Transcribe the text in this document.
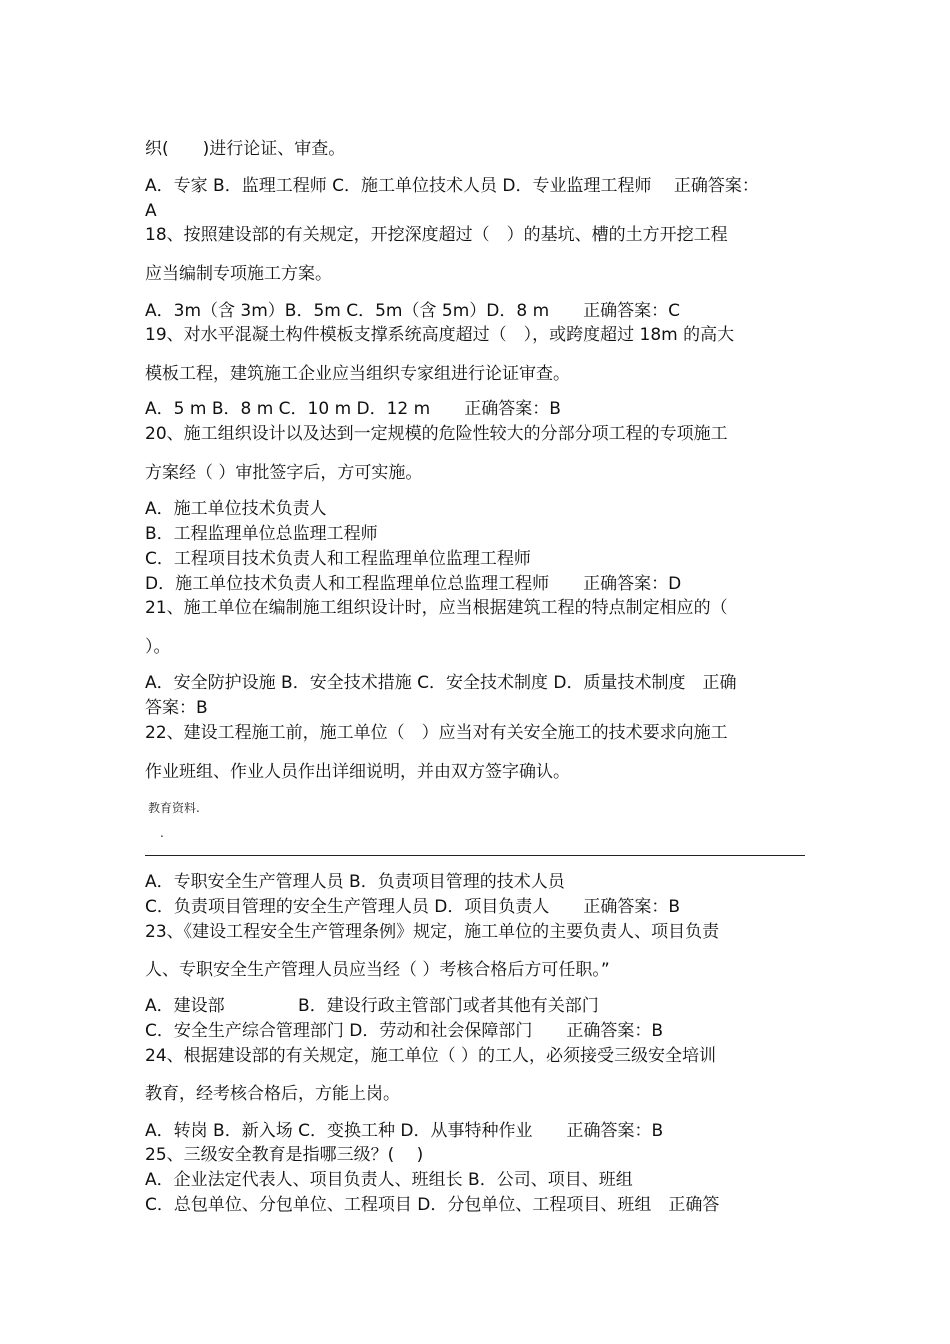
织(　　)进行论证、审查。
A．专家 B．监理工程师 C．施工单位技术人员 D．专业监理工程师　 正确答案：
A
18、按照建设部的有关规定，开挖深度超过（　）的基坑、槽的土方开挖工程
应当编制专项施工方案。
A．3m（含 3m）B．5m C．5m（含 5m）D．8 m　　正确答案：C
19、对水平混凝土构件模板支撑系统高度超过（　），或跨度超过 18m 的高大
模板工程，建筑施工企业应当组织专家组进行论证审查。
A．5 m B．8 m C．10 m D．12 m　　正确答案：B
20、施工组织设计以及达到一定规模的危险性较大的分部分项工程的专项施工
方案经（ ）审批签字后，方可实施。
A．施工单位技术负责人
B．工程监理单位总监理工程师
C．工程项目技术负责人和工程监理单位监理工程师
D．施工单位技术负责人和工程监理单位总监理工程师　　正确答案：D
21、施工单位在编制施工组织设计时，应当根据建筑工程的特点制定相应的（
）。
A．安全防护设施 B．安全技术措施 C．安全技术制度 D．质量技术制度　正确
答案：B
22、建设工程施工前，施工单位（　）应当对有关安全施工的技术要求向施工
作业班组、作业人员作出详细说明，并由双方签字确认。
教育资料.
.
A．专职安全生产管理人员 B．负责项目管理的技术人员
C．负责项目管理的安全生产管理人员 D．项目负责人　　正确答案：B
23、《建设工程安全生产管理条例》规定，施工单位的主要负责人、项目负责
人、专职安全生产管理人员应当经（ ）考核合格后方可任职。”
A．建设部　　　　 B．建设行政主管部门或者其他有关部门
C．安全生产综合管理部门 D．劳动和社会保障部门　　正确答案：B
24、根据建设部的有关规定，施工单位（ ）的工人，必须接受三级安全培训
教育，经考核合格后，方能上岗。
A．转岗 B．新入场 C．变换工种 D．从事特种作业　　正确答案：B
25、三级安全教育是指哪三级？(　 )
A．企业法定代表人、项目负责人、班组长 B．公司、项目、班组
C．总包单位、分包单位、工程项目 D．分包单位、工程项目、班组　正确答
